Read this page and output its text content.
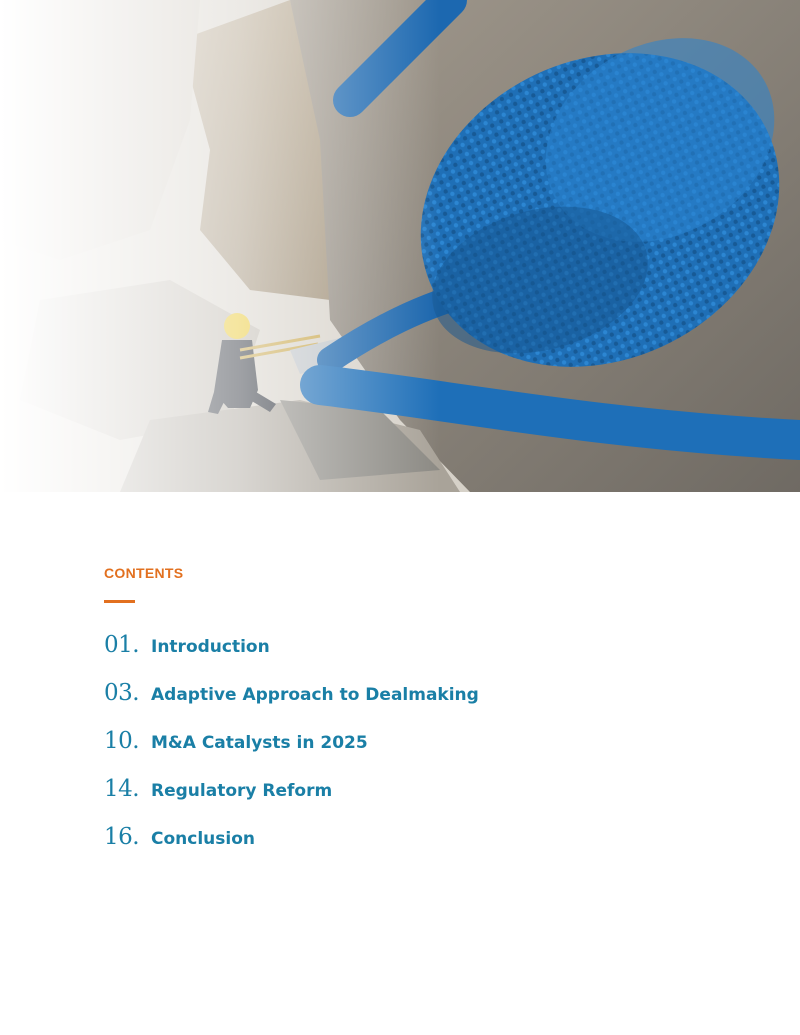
CONTENTS
01. Introduction
03. Adaptive Approach to Dealmaking
10. M&A Catalysts in 2025
14. Regulatory Reform
16. Conclusion
